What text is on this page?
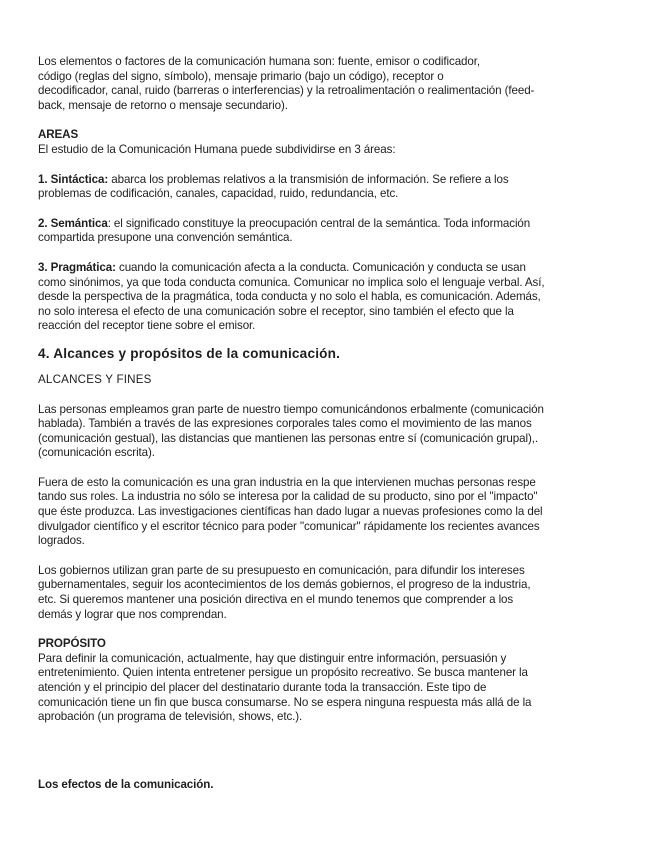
Los elementos o factores de la comunicación humana son: fuente, emisor o codificador,

código (reglas del signo, símbolo), mensaje primario (bajo un código), receptor o

decodificador, canal, ruido (barreras o interferencias) y la retroalimentación o realimentación (feed-

back, mensaje de retorno o mensaje secundario).

AREAS

El estudio de la Comunicación Humana puede subdividirse en 3 áreas:

1. Sintáctica: abarca los problemas relativos a la transmisión de información. Se refiere a los

problemas de codificación, canales, capacidad, ruido, redundancia, etc.

2. Semántica: el significado constituye la preocupación central de la semántica. Toda información

compartida presupone una convención semántica.

3. Pragmática: cuando la comunicación afecta a la conducta. Comunicación y conducta se usan

como sinónimos, ya que toda conducta comunica. Comunicar no implica solo el lenguaje verbal. Así,

desde la perspectiva de la pragmática, toda conducta y no solo el habla, es comunicación. Además,

no solo interesa el efecto de una comunicación sobre el receptor, sino también el efecto que la

reacción del receptor tiene sobre el emisor.

4. Alcances y propósitos de la comunicación.

ALCANCES Y FINES

Las personas empleamos gran parte de nuestro tiempo comunicándonos erbalmente (comunicación

hablada). También a través de las expresiones corporales tales como el movimiento de las manos

(comunicación gestual), las distancias que mantienen las personas entre sí (comunicación grupal),.

(comunicación escrita).

Fuera de esto la comunicación es una gran industria en la que intervienen muchas personas respe

tando sus roles. La industria no sólo se interesa por la calidad de su producto, sino por el "impacto"

que éste produzca. Las investigaciones científicas han dado lugar a nuevas profesiones como la del

divulgador científico y el escritor técnico para poder "comunicar" rápidamente los recientes avances

logrados.

Los gobiernos utilizan gran parte de su presupuesto en comunicación, para difundir los intereses

gubernamentales, seguir los acontecimientos de los demás gobiernos, el progreso de la industria,

etc. Si queremos mantener una posición directiva en el mundo tenemos que comprender a los

demás y lograr que nos comprendan.

PROPÓSITO

Para definir la comunicación, actualmente, hay que distinguir entre información, persuasión y

entretenimiento. Quien intenta entretener persigue un propósito recreativo. Se busca mantener la

atención y el principio del placer del destinatario durante toda la transacción. Este tipo de

comunicación tiene un fin que busca consumarse. No se espera ninguna respuesta más allá de la

aprobación (un programa de televisión, shows, etc.).

Los efectos de la comunicación.
